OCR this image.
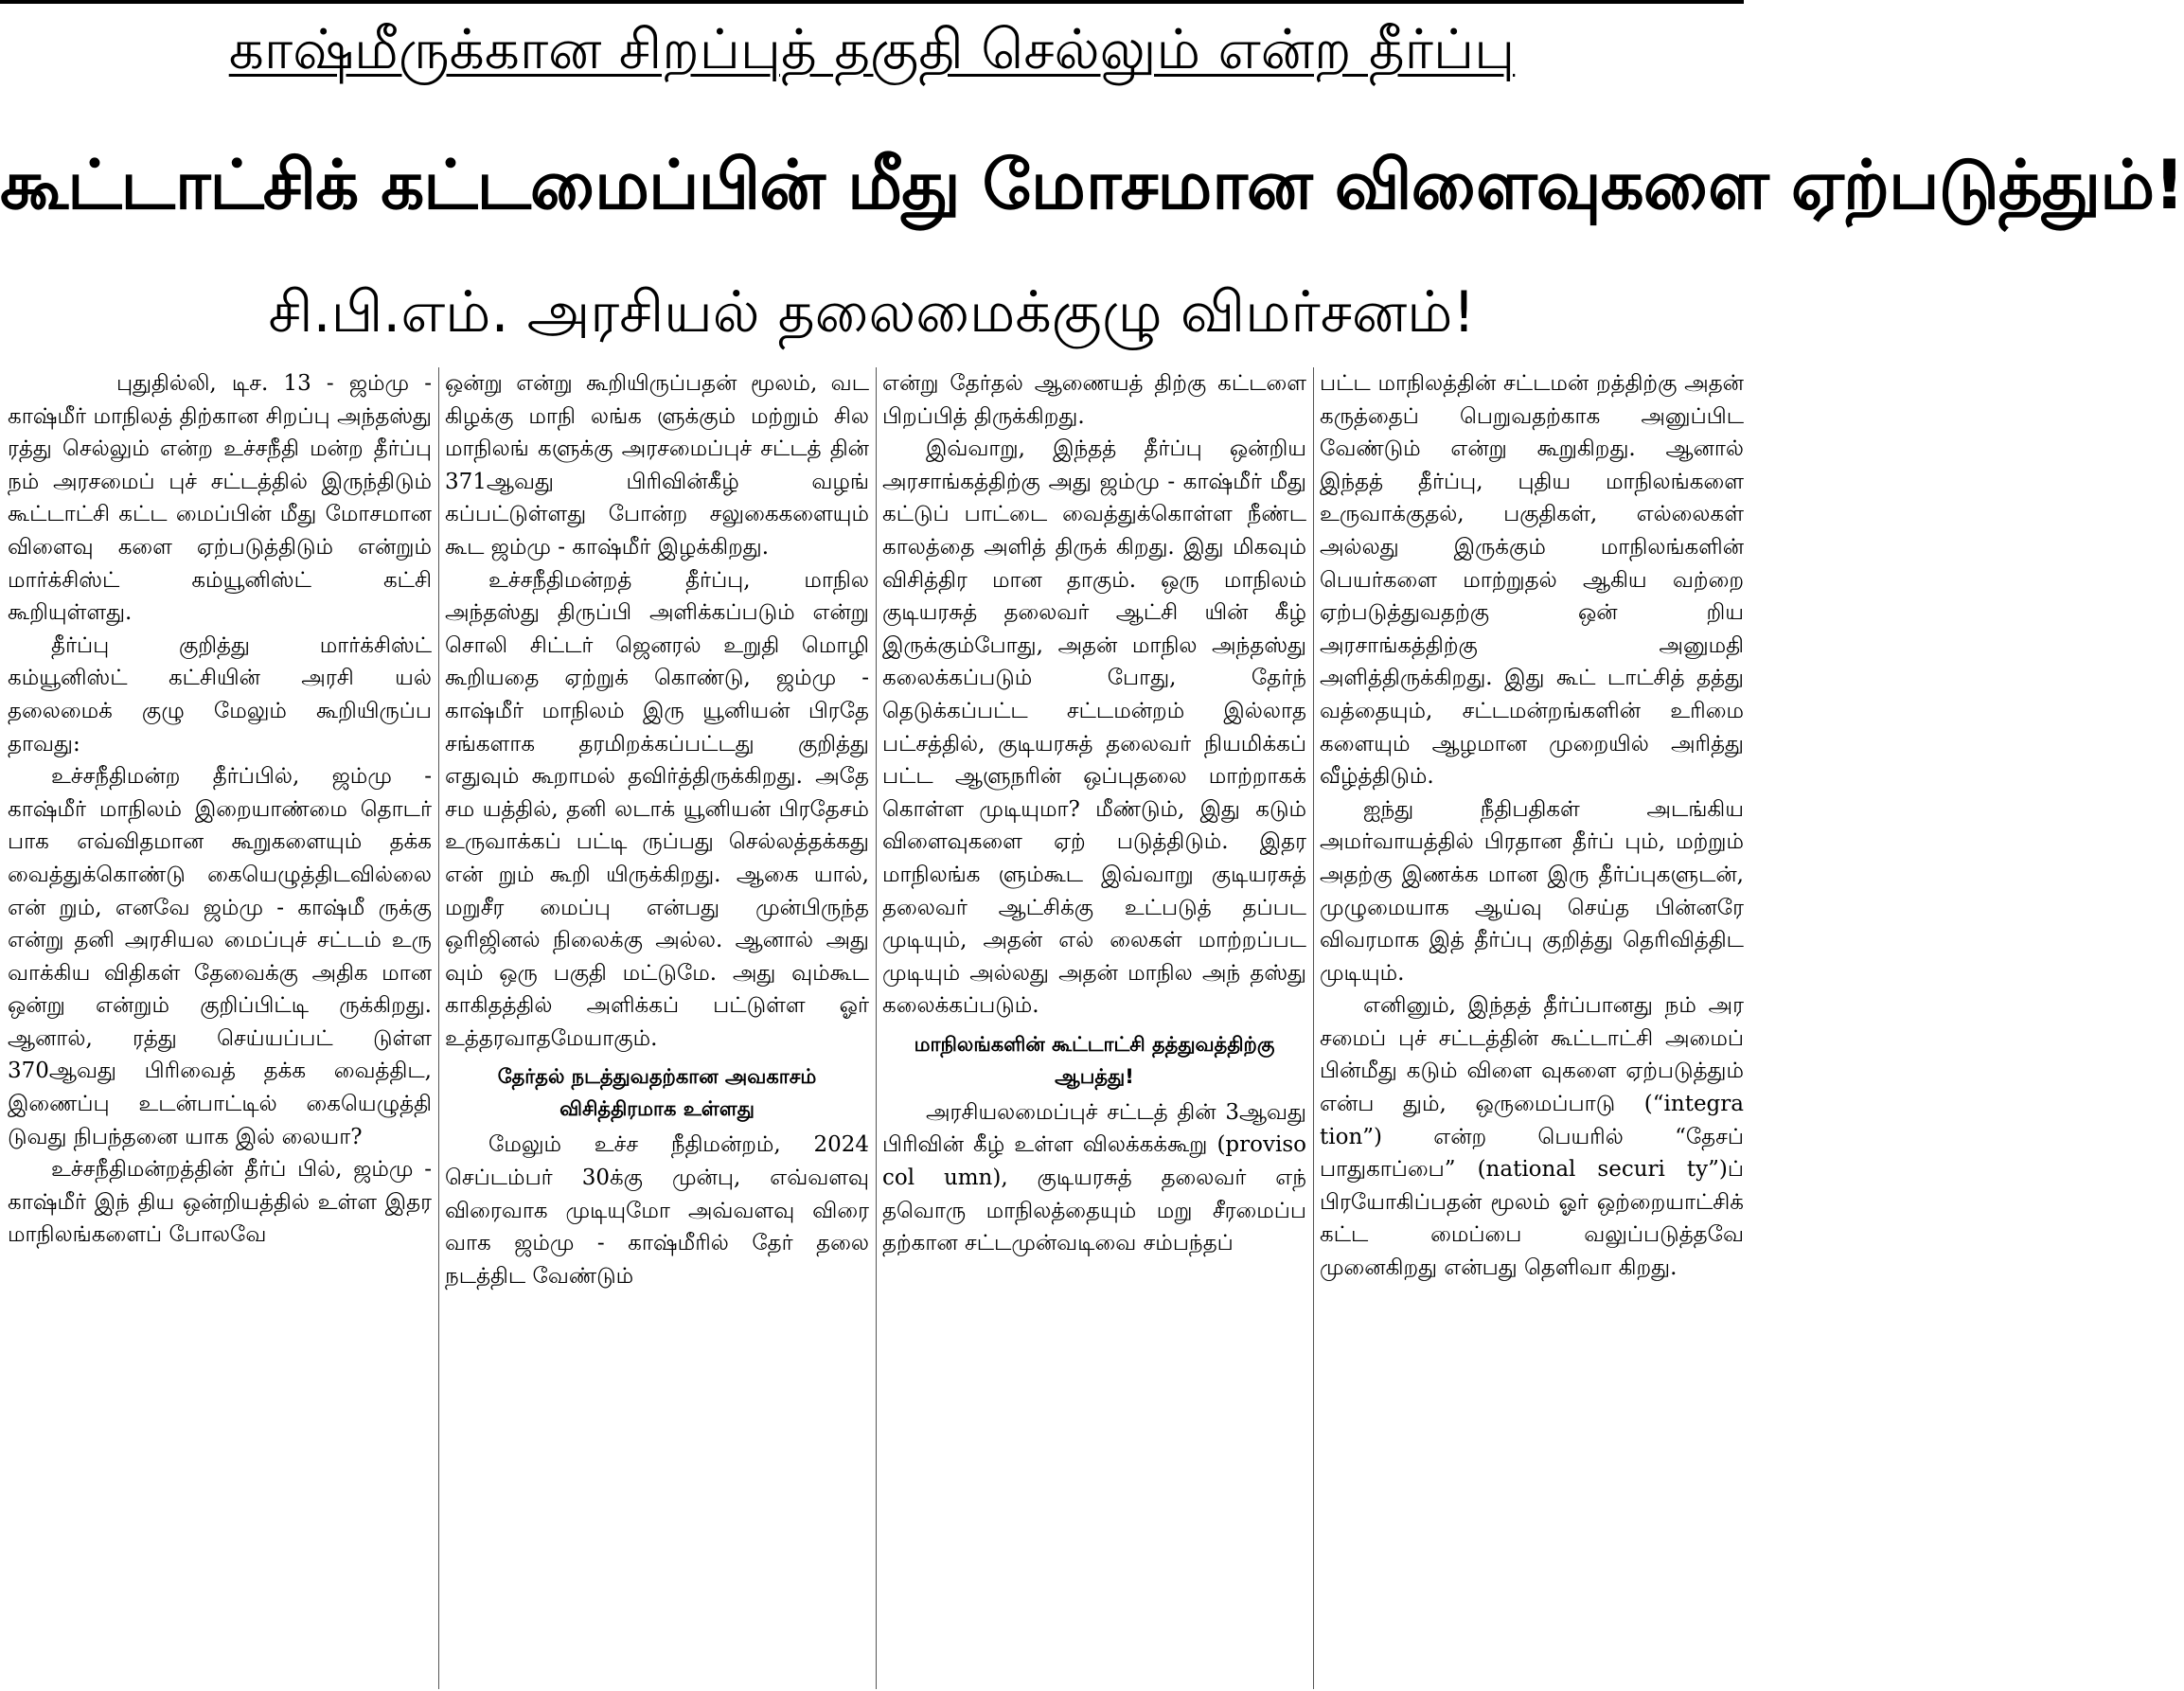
காஷ்மீருக்கான சிறப்புத் தகுதி செல்லும் என்ற தீர்ப்பு
கூட்டாட்சிக் கட்டமைப்பின் மீது மோசமான விளைவுகளை ஏற்படுத்தும்!
சி.பி.எம். அரசியல் தலைமைக்குழு விமர்சனம்!

புதுதில்லி, டிச. 13 - ஜம்மு - காஷ்மீர் மாநிலத் திற்கான சிறப்பு அந்தஸ்து ரத்து செல்லும் என்ற உச்சநீதி மன்ற தீர்ப்பு நம் அரசமைப் புச் சட்டத்தில் இருந்திடும் கூட்டாட்சி கட்ட மைப்பின் மீது மோசமான விளைவு களை ஏற்படுத்திடும் என்றும் மார்க்சிஸ்ட் கம்யூனிஸ்ட் கட்சி கூறியுள்ளது.

தீர்ப்பு குறித்து மார்க்சிஸ்ட் கம்யூனிஸ்ட் கட்சியின் அரசி யல் தலைமைக் குழு மேலும் கூறியிருப்ப தாவது:

உச்சநீதிமன்ற தீர்ப்பில், ஜம்மு - காஷ்மீர் மாநிலம் இறையாண்மை தொடர் பாக எவ்விதமான கூறுகளையும் தக்க வைத்துக்கொண்டு கையெழுத்திடவில்லை என் றும், எனவே ஜம்மு - காஷ்மீ ருக்கு என்று தனி அரசியல மைப்புச் சட்டம் உரு வாக்கிய விதிகள் தேவைக்கு அதிக மான ஒன்று என்றும் குறிப்பிட்டி ருக்கிறது. ஆனால், ரத்து செய்யப்பட் டுள்ள 370ஆவது பிரிவைத் தக்க வைத்திட, இணைப்பு உடன்பாட்டில் கையெழுத்தி டுவது நிபந்தனை யாக இல் லையா?

உச்சநீதிமன்றத்தின் தீர்ப் பில், ஜம்மு - காஷ்மீர் இந் திய ஒன்றியத்தில் உள்ள இதர மாநிலங்களைப் போலவே

ஒன்று என்று கூறியிருப்பதன் மூலம், வட கிழக்கு மாநி லங்க ளுக்கும் மற்றும் சில மாநிலங் களுக்கு அரசமைப்புச் சட்டத் தின் 371ஆவது பிரிவின்கீழ் வழங் கப்பட்டுள்ளது போன்ற சலுகைகளையும் கூட ஜம்மு - காஷ்மீர் இழக்கிறது.

உச்சநீதிமன்றத் தீர்ப்பு, மாநில அந்தஸ்து திருப்பி அளிக்கப்படும் என்று சொலி சிட்டர் ஜெனரல் உறுதி மொழி கூறியதை ஏற்றுக் கொண்டு, ஜம்மு - காஷ்மீர் மாநிலம் இரு யூனியன் பிரதே சங்களாக தரமிறக்கப்பட்டது குறித்து எதுவும் கூறாமல் தவிர்த்திருக்கிறது. அதே சம யத்தில், தனி லடாக் யூனியன் பிரதேசம் உருவாக்கப் பட்டி ருப்பது செல்லத்தக்கது என் றும் கூறி யிருக்கிறது. ஆகை யால், மறுசீர மைப்பு என்பது முன்பிருந்த ஒரிஜினல் நிலைக்கு அல்ல. ஆனால் அது வும் ஒரு பகுதி மட்டுமே. அது வும்கூட காகிதத்தில் அளிக்கப் பட்டுள்ள ஓர் உத்தரவாதமேயாகும்.

தேர்தல் நடத்துவதற்கான அவகாசம் விசித்திரமாக உள்ளது

மேலும் உச்ச நீதிமன்றம், 2024 செப்டம்பர் 30க்கு முன்பு, எவ்வளவு விரைவாக முடியுமோ அவ்வளவு விரை வாக ஜம்மு - காஷ்மீரில் தேர் தலை நடத்திட வேண்டும்

என்று தேர்தல் ஆணையத் திற்கு கட்டளை பிறப்பித் திருக்கிறது.

இவ்வாறு, இந்தத் தீர்ப்பு ஒன்றிய அரசாங்கத்திற்கு அது ஜம்மு - காஷ்மீர் மீது கட்டுப் பாட்டை வைத்துக்கொள்ள நீண்ட காலத்தை அளித் திருக் கிறது. இது மிகவும் விசித்திர மான தாகும். ஒரு மாநிலம் குடியரசுத் தலைவர் ஆட்சி யின் கீழ் இருக்கும்போது, அதன் மாநில அந்தஸ்து கலைக்கப்படும் போது, தேர்ந் தெடுக்கப்பட்ட சட்டமன்றம் இல்லாத பட்சத்தில், குடியரசுத் தலைவர் நியமிக்கப் பட்ட ஆளுநரின் ஒப்புதலை மாற்றாகக் கொள்ள முடியுமா? மீண்டும், இது கடும் விளைவுகளை ஏற் படுத்திடும். இதர மாநிலங்க ளும்கூட இவ்வாறு குடியரசுத் தலைவர் ஆட்சிக்கு உட்படுத் தப்பட முடியும், அதன் எல் லைகள் மாற்றப்பட முடியும் அல்லது அதன் மாநில அந் தஸ்து கலைக்கப்படும்.

மாநிலங்களின் கூட்டாட்சி தத்துவத்திற்கு ஆபத்து!

அரசியலமைப்புச் சட்டத் தின் 3ஆவது பிரிவின் கீழ் உள்ள விலக்கக்கூறு (proviso col umn), குடியரசுத் தலைவர் எந் தவொரு மாநிலத்தையும் மறு சீரமைப்ப தற்கான சட்டமுன்வடிவை சம்பந்தப்

பட்ட மாநிலத்தின் சட்டமன் றத்திற்கு அதன் கருத்தைப் பெறுவதற்காக அனுப்பிட வேண்டும் என்று கூறுகிறது. ஆனால் இந்தத் தீர்ப்பு, புதிய மாநிலங்களை உருவாக்குதல், பகுதிகள், எல்லைகள் அல்லது இருக்கும் மாநிலங்களின் பெயர்களை மாற்றுதல் ஆகிய வற்றை ஏற்படுத்துவதற்கு ஒன் றிய அரசாங்கத்திற்கு அனுமதி அளித்திருக்கிறது. இது கூட் டாட்சித் தத்து வத்தையும், சட்டமன்றங்களின் உரிமை களையும் ஆழமான முறையில் அரித்து வீழ்த்திடும்.

ஐந்து நீதிபதிகள் அடங்கிய அமர்வாயத்தில் பிரதான தீர்ப் பும், மற்றும் அதற்கு இணக்க மான இரு தீர்ப்புகளுடன், முழுமையாக ஆய்வு செய்த பின்னரே விவரமாக இத் தீர்ப்பு குறித்து தெரிவித்திட முடியும்.

எனினும், இந்தத் தீர்ப்பானது நம் அர சமைப் புச் சட்டத்தின் கூட்டாட்சி அமைப் பின்மீது கடும் விளை வுகளை ஏற்படுத்தும் என்ப தும், ஒருமைப்பாடு (“integra tion”) என்ற பெயரில் “தேசப் பாதுகாப்பை” (national securi ty”)ப் பிரயோகிப்பதன் மூலம் ஓர் ஒற்றையாட்சிக் கட்ட மைப்பை வலுப்படுத்தவே முனைகிறது என்பது தெளிவா கிறது.
